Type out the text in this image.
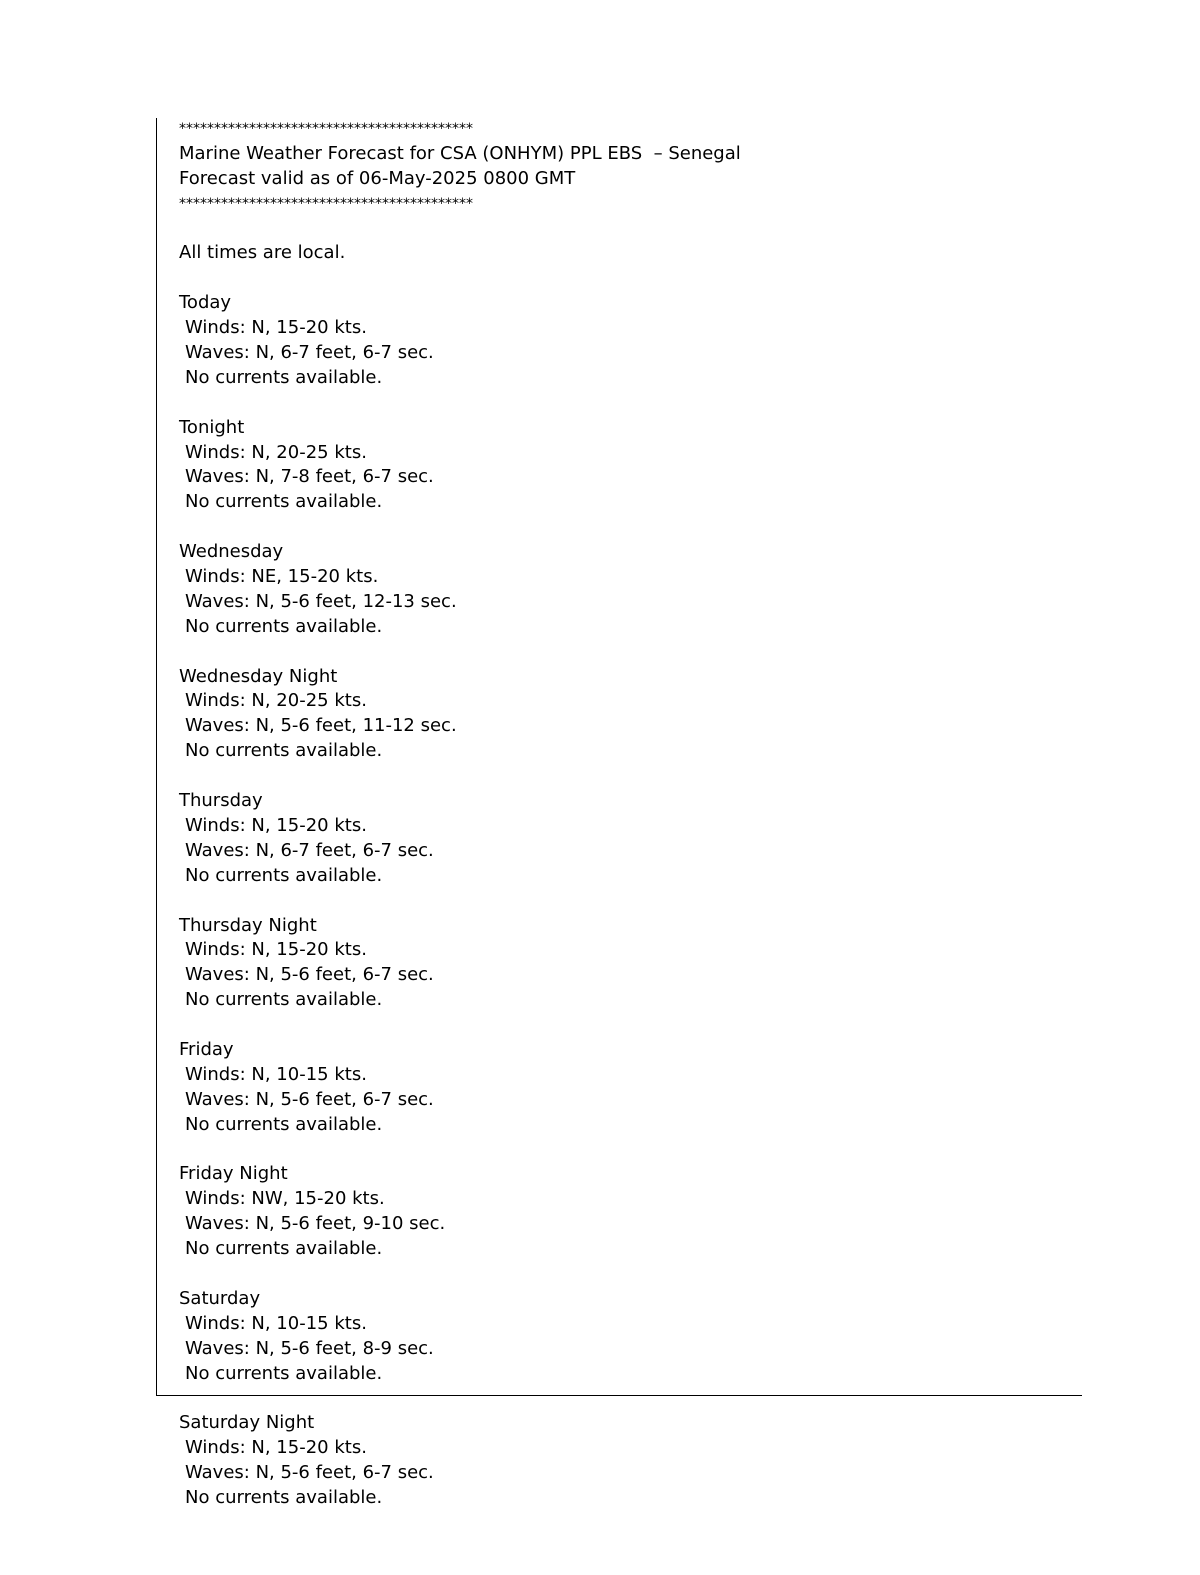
******************************************
Marine Weather Forecast for CSA (ONHYM) PPL EBS  – Senegal
Forecast valid as of 06-May-2025 0800 GMT
******************************************
All times are local.
Today
Winds: N, 15-20 kts.
Waves: N, 6-7 feet, 6-7 sec.
No currents available.
Tonight
Winds: N, 20-25 kts.
Waves: N, 7-8 feet, 6-7 sec.
No currents available.
Wednesday
Winds: NE, 15-20 kts.
Waves: N, 5-6 feet, 12-13 sec.
No currents available.
Wednesday Night
Winds: N, 20-25 kts.
Waves: N, 5-6 feet, 11-12 sec.
No currents available.
Thursday
Winds: N, 15-20 kts.
Waves: N, 6-7 feet, 6-7 sec.
No currents available.
Thursday Night
Winds: N, 15-20 kts.
Waves: N, 5-6 feet, 6-7 sec.
No currents available.
Friday
Winds: N, 10-15 kts.
Waves: N, 5-6 feet, 6-7 sec.
No currents available.
Friday Night
Winds: NW, 15-20 kts.
Waves: N, 5-6 feet, 9-10 sec.
No currents available.
Saturday
Winds: N, 10-15 kts.
Waves: N, 5-6 feet, 8-9 sec.
No currents available.
Saturday Night
Winds: N, 15-20 kts.
Waves: N, 5-6 feet, 6-7 sec.
No currents available.
